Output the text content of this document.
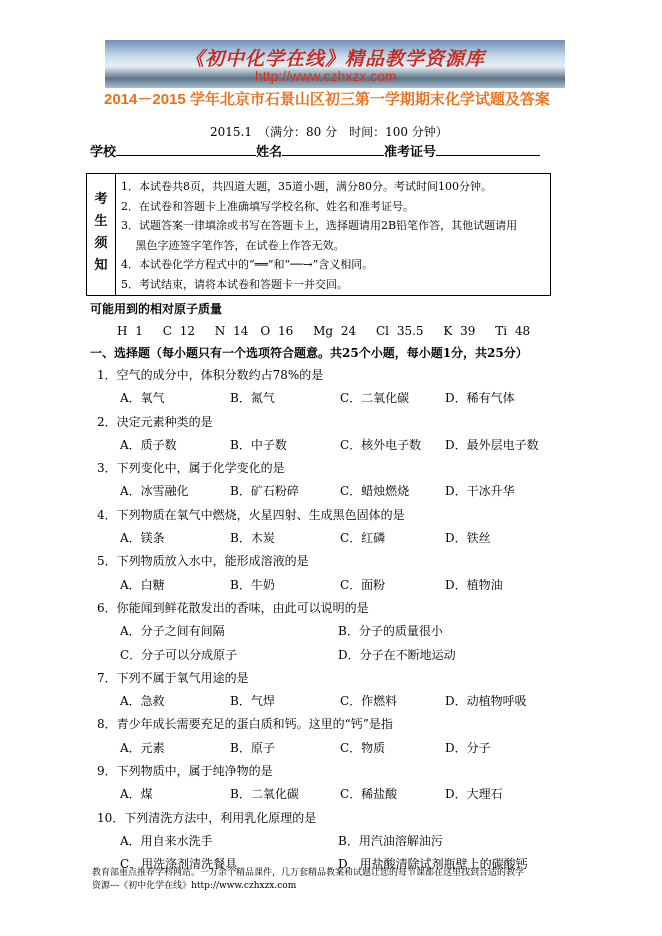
《初中化学在线》精品教学资源库
http://www.czhxzx.com
2014－2015 学年北京市石景山区初三第一学期期末化学试题及答案
2015.1　（满分：80 分　时间：100 分钟）
学校	姓名	准考证号
考
生
须
知
1．本试卷共8页，共四道大题，35道小题，满分80分。考试时间100分钟。
2．在试卷和答题卡上准确填写学校名称、姓名和准考证号。
3．试题答案一律填涂或书写在答题卡上，选择题请用2B铅笔作答，其他试题请用
　 黑色字迹签字笔作答，在试卷上作答无效。
4．本试卷化学方程式中的“══”和“──→”含义相同。
5．考试结束，请将本试卷和答题卡一并交回。
可能用到的相对原子质量
H 1　 C 12　 N 14　O 16　 Mg 24　 Cl 35.5　 K 39　 Ti 48
一、选择题（每小题只有一个选项符合题意。共25个小题，每小题1分，共25分）
1．空气的成分中，体积分数约占78%的是
A．氧气	B．氮气	C．二氧化碳	D．稀有气体
2．决定元素种类的是
A．质子数	B．中子数	C．核外电子数 D．最外层电子数
3．下列变化中，属于化学变化的是
A．冰雪融化	B．矿石粉碎	C．蜡烛燃烧	D．干冰升华
4．下列物质在氧气中燃烧，火星四射、生成黑色固体的是
A．镁条	B．木炭	C．红磷	D．铁丝
5．下列物质放入水中，能形成溶液的是
A．白糖	B．牛奶	C．面粉	D．植物油
6．你能闻到鲜花散发出的香味，由此可以说明的是
A．分子之间有间隔	B．分子的质量很小
C．分子可以分成原子	D．分子在不断地运动
7．下列不属于氧气用途的是
A．急救	B．气焊	C．作燃料	D．动植物呼吸
8．青少年成长需要充足的蛋白质和钙。这里的“钙”是指
A．元素	B．原子	C．物质	D．分子
9．下列物质中，属于纯净物的是
A．煤	B．二氧化碳	C．稀盐酸	D．大理石
10．下列清洗方法中，利用乳化原理的是
A．用自来水洗手	B．用汽油溶解油污
C．用洗涤剂清洗餐具	D．用盐酸清除试剂瓶壁上的碳酸钙
教育部重点推荐学科网站。一万余个精品课件，几万套精品教案和试题让您的每节课都在这里找到合适的教学
资源---《初中化学在线》http://www.czhxzx.com
